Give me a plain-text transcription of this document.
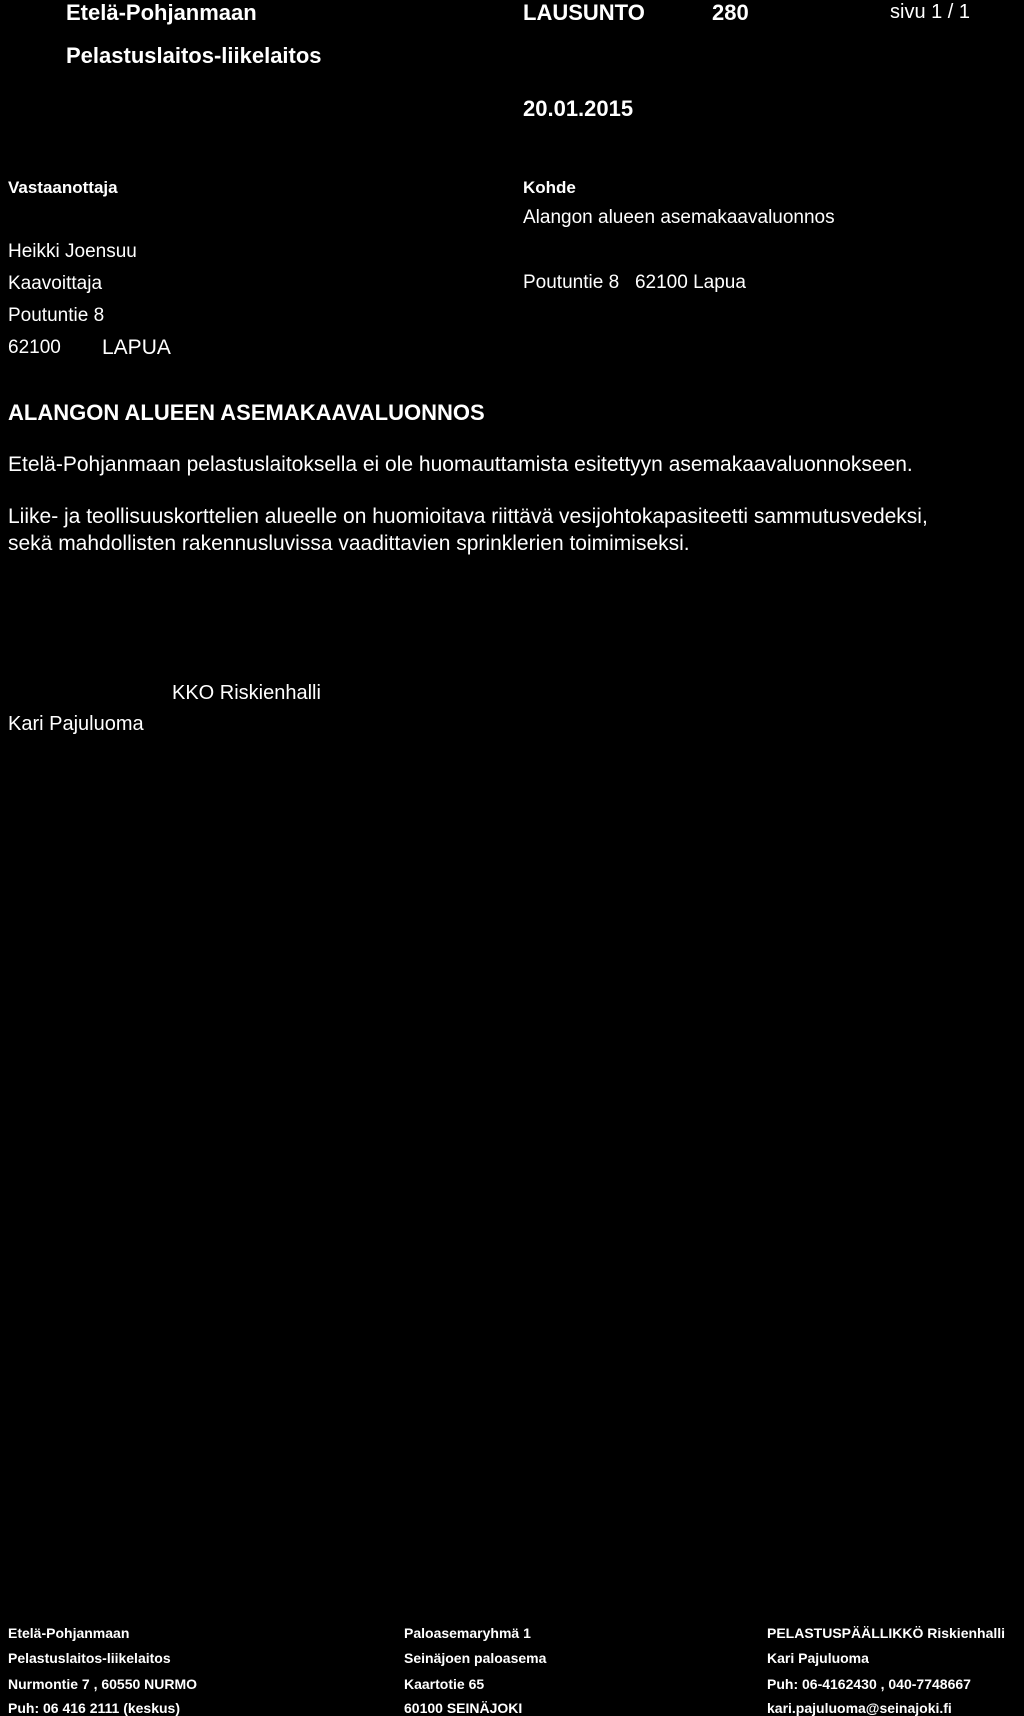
Etelä-Pohjanmaan
Pelastuslaitos-liikelaitos
LAUSUNTO	280	sivu 1 / 1
20.01.2015
Vastaanottaja
Heikki Joensuu
Kaavoittaja
Poutuntie 8
62100 LAPUA
Kohde
Alangon alueen asemakaavaluonnos
Poutuntie 8   62100 Lapua
ALANGON ALUEEN ASEMAKAAVALUONNOS
Etelä-Pohjanmaan pelastuslaitoksella ei ole huomauttamista esitettyyn asemakaavaluonnokseen.
Liike- ja teollisuuskorttelien alueelle on huomioitava riittävä vesijohtokapasiteetti sammutusvedeksi,
sekä mahdollisten rakennusluvissa vaadittavien sprinklerien toimimiseksi.
KKO Riskienhalli
Kari Pajuluoma
Etelä-Pohjanmaan
Pelastuslaitos-liikelaitos
Nurmontie 7 , 60550 NURMO
Puh: 06 416 2111 (keskus)
Paloasemaryhmä 1
Seinäjoen paloasema
Kaartotie 65
60100 SEINÄJOKI
PELASTUSPÄÄLLIKKÖ Riskienhalli
Kari Pajuluoma
Puh: 06-4162430 , 040-7748667
kari.pajuluoma@seinajoki.fi
